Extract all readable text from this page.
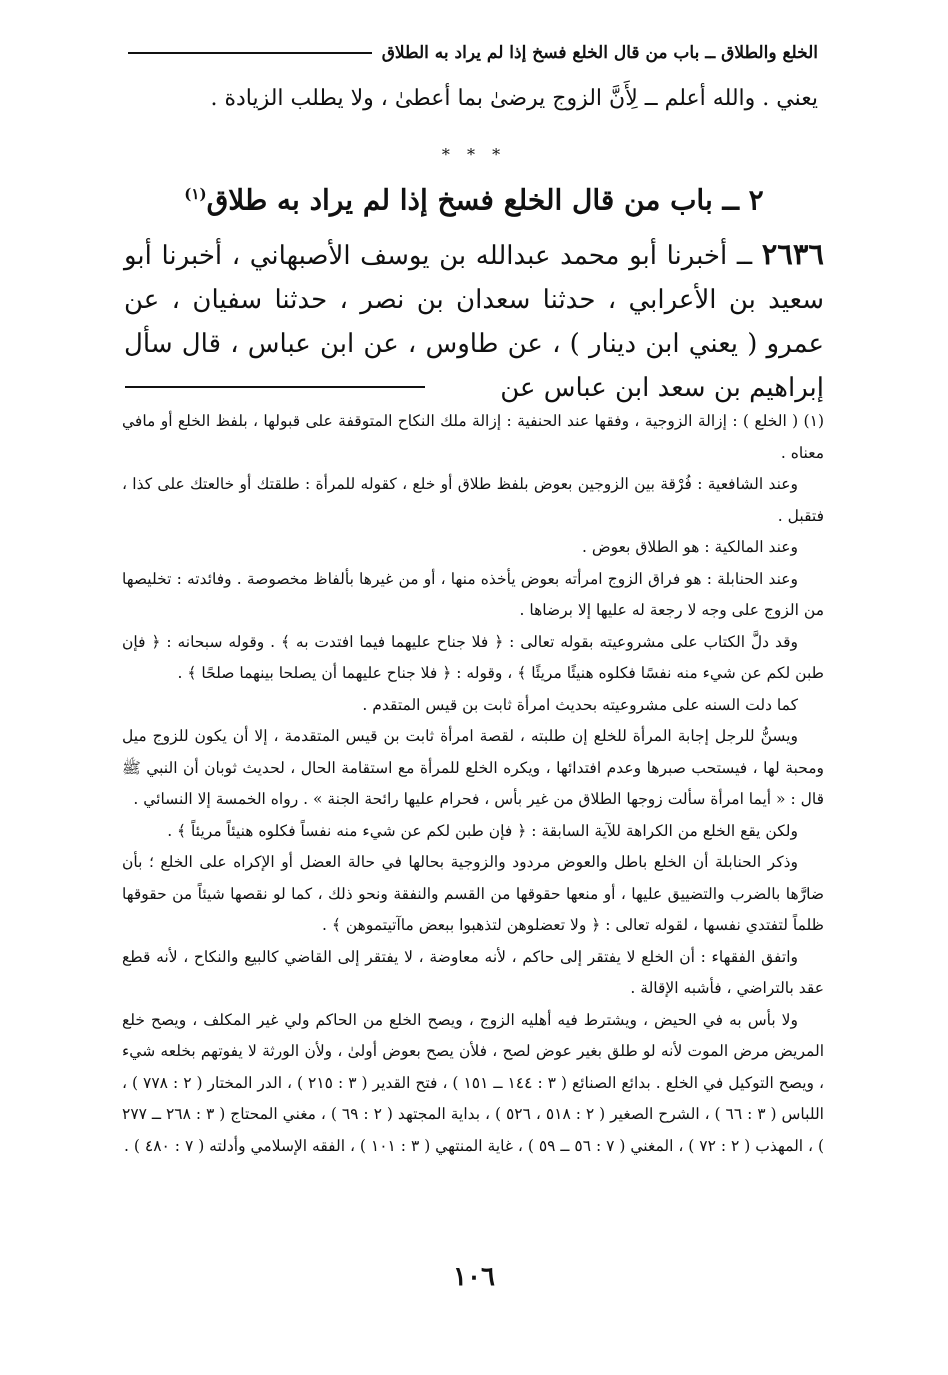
الخلع والطلاق ــ باب من قال الخلع فسخ إذا لم يراد به الطلاق
يعني . والله أعلم ــ لِأَنَّ الزوج يرضىٰ بما أعطىٰ ، ولا يطلب الزيادة .
* * *
٢ ــ باب من قال الخلع فسخ إذا لم يراد به طلاق$^{(١)}$
٢٦٣٦ ــ أخبرنا أبو محمد عبدالله بن يوسف الأصبهاني ، أخبرنا أبو سعيد بن الأعرابي ، حدثنا سعدان بن نصر ، حدثنا سفيان ، عن عمرو ( يعني ابن دينار ) ، عن طاوس ، عن ابن عباس ، قال سأل إبراهيم بن سعد ابن عباس عن

(١) ( الخلع ) : إزالة الزوجية ، وفقها عند الحنفية : إزالة ملك النكاح المتوقفة على قبولها ، بلفظ الخلع أو مافي معناه .

وعند الشافعية : فُرْقة بين الزوجين بعوض بلفظ طلاق أو خلع ، كقوله للمرأة : طلقتك أو خالعتك على كذا ، فتقبل .

وعند المالكية : هو الطلاق بعوض .

وعند الحنابلة : هو فراق الزوج امرأته بعوض يأخذه منها ، أو من غيرها بألفاظ مخصوصة . وفائدته : تخليصها من الزوج على وجه لا رجعة له عليها إلا برضاها .

وقد دلَّ الكتاب على مشروعيته بقوله تعالى : ﴿ فلا جناح عليهما فيما افتدت به ﴾ . وقوله سبحانه : ﴿ فإن طبن لكم عن شيء منه نفسًا فكلوه هنيئًا مريئًا ﴾ ، وقوله : ﴿ فلا جناح عليهما أن يصلحا بينهما صلحًا ﴾ .

كما دلت السنه على مشروعيته بحديث امرأة ثابت بن قيس المتقدم .

ويسنُّ للرجل إجابة المرأة للخلع إن طلبته ، لقصة امرأة ثابت بن قيس المتقدمة ، إلا أن يكون للزوج ميل ومحبة لها ، فيستحب صبرها وعدم افتدائها ، ويكره الخلع للمرأة مع استقامة الحال ، لحديث ثوبان أن النبي ﷺ قال : « أيما امرأة سألت زوجها الطلاق من غير بأس ، فحرام عليها رائحة الجنة » . رواه الخمسة إلا النسائي .

ولكن يقع الخلع من الكراهة للآية السابقة : ﴿ فإن طبن لكم عن شيء منه نفساً فكلوه هنيئاً مريئاً ﴾ .

وذكر الحنابلة أن الخلع باطل والعوض مردود والزوجية بحالها في حالة العضل أو الإكراه على الخلع ؛ بأن ضارَّها بالضرب والتضييق عليها ، أو منعها حقوقها من القسم والنفقة ونحو ذلك ، كما لو نقصها شيئاً من حقوقها ظلماً لتفتدي نفسها ، لقوله تعالى : ﴿ ولا تعضلوهن لتذهبوا ببعض ماآتيتموهن ﴾ .

واتفق الفقهاء : أن الخلع لا يفتقر إلى حاكم ، لأنه معاوضة ، لا يفتقر إلى القاضي كالبيع والنكاح ، لأنه قطع عقد بالتراضي ، فأشبه الإقالة .

ولا بأس به في الحيض ، ويشترط فيه أهليه الزوج ، ويصح الخلع من الحاكم ولي غير المكلف ، ويصح خلع المريض مرض الموت لأنه لو طلق بغير عوض لصح ، فلأن يصح بعوض أولىٰ ، ولأن الورثة لا يفوتهم بخلعه شيء ، ويصح التوكيل في الخلع . بدائع الصنائع ( ٣ : ١٤٤ ــ ١٥١ ) ، فتح القدير ( ٣ : ٢١٥ ) ، الدر المختار ( ٢ : ٧٧٨ ) ، اللباس ( ٣ : ٦٦ ) ، الشرح الصغير ( ٢ : ٥١٨ ، ٥٢٦ ) ، بداية المجتهد ( ٢ : ٦٩ ) ، مغني المحتاج ( ٣ : ٢٦٨ ــ ٢٧٧ ) ، المهذب ( ٢ : ٧٢ ) ، المغني ( ٧ : ٥٦ ــ ٥٩ ) ، غاية المنتهي ( ٣ : ١٠١ ) ، الفقه الإسلامي وأدلته ( ٧ : ٤٨٠ ) .

١٠٦
